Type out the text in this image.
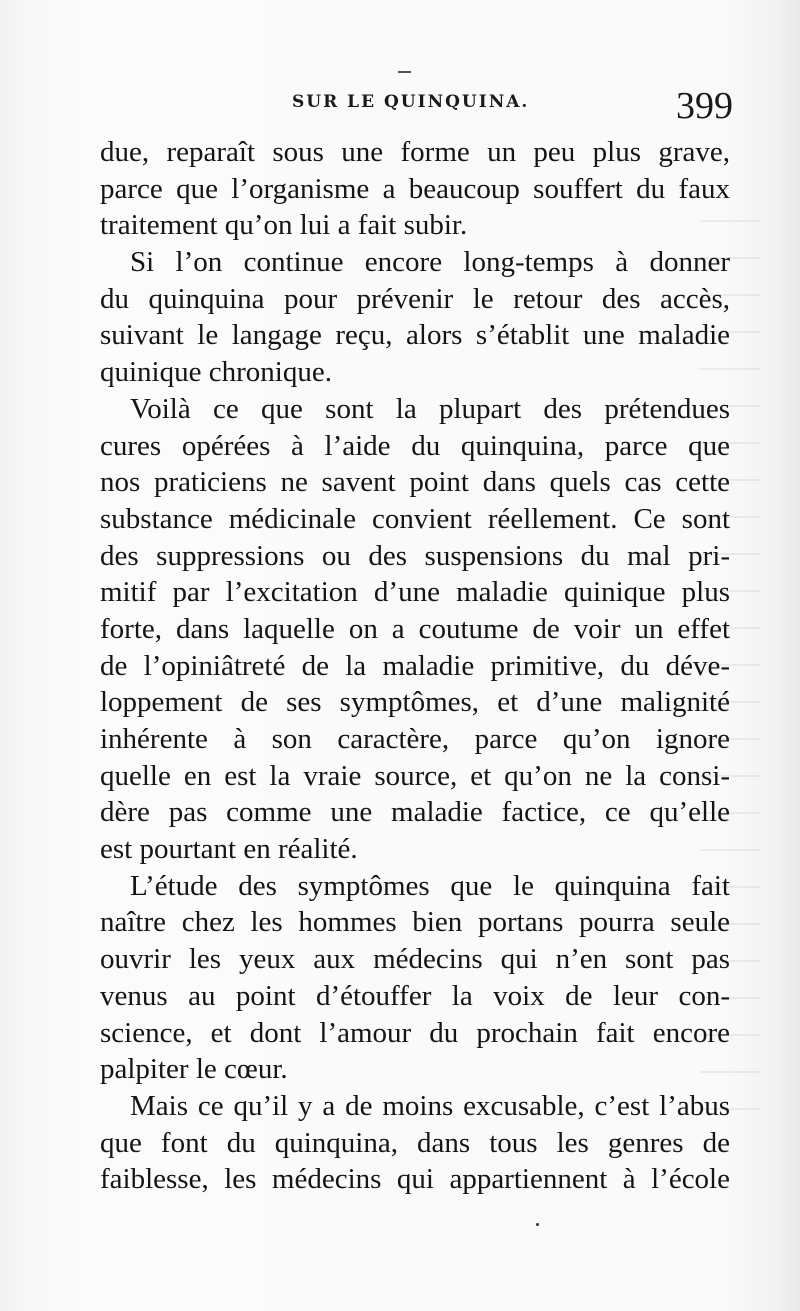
SUR LE QUINQUINA.	399
due, reparaît sous une forme un peu plus grave,
parce que l’organisme a beaucoup souffert du faux
traitement qu’on lui a fait subir.
Si l’on continue encore long-temps à donner
du quinquina pour prévenir le retour des accès,
suivant le langage reçu, alors s’établit une maladie
quinique chronique.
Voilà ce que sont la plupart des prétendues
cures opérées à l’aide du quinquina, parce que
nos praticiens ne savent point dans quels cas cette
substance médicinale convient réellement. Ce sont
des suppressions ou des suspensions du mal pri-
mitif par l’excitation d’une maladie quinique plus
forte, dans laquelle on a coutume de voir un effet
de l’opiniâtreté de la maladie primitive, du déve-
loppement de ses symptômes, et d’une malignité
inhérente à son caractère, parce qu’on ignore
quelle en est la vraie source, et qu’on ne la consi-
dère pas comme une maladie factice, ce qu’elle
est pourtant en réalité.
L’étude des symptômes que le quinquina fait
naître chez les hommes bien portans pourra seule
ouvrir les yeux aux médecins qui n’en sont pas
venus au point d’étouffer la voix de leur con-
science, et dont l’amour du prochain fait encore
palpiter le cœur.
Mais ce qu’il y a de moins excusable, c’est l’abus
que font du quinquina, dans tous les genres de
faiblesse, les médecins qui appartiennent à l’école
